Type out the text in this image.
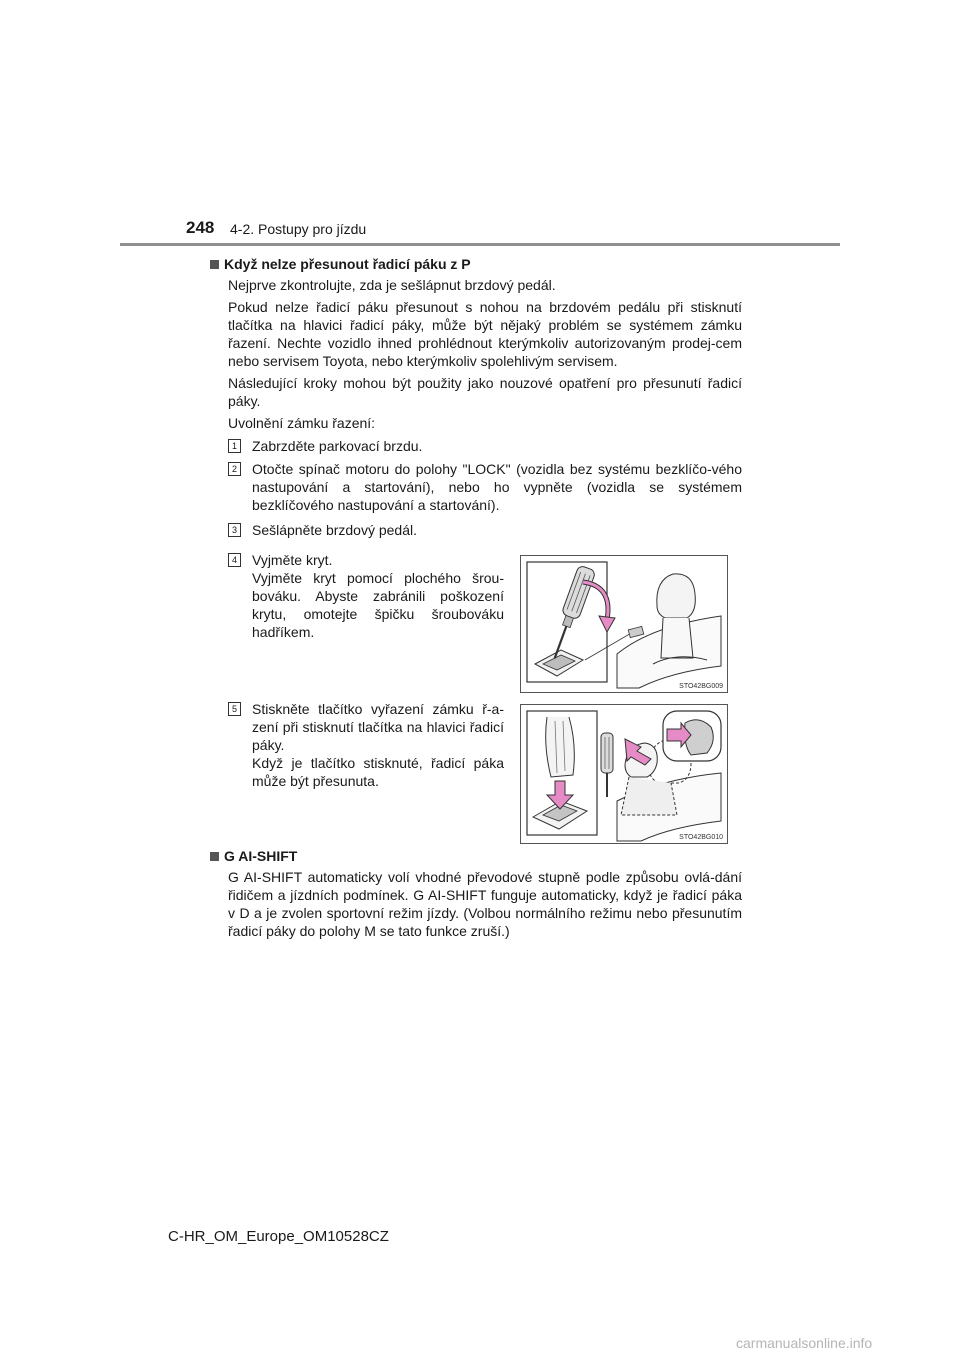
248 4-2. Postupy pro jízdu
Když nelze přesunout řadicí páku z P

Nejprve zkontrolujte, zda je sešlápnut brzdový pedál.

Pokud nelze řadicí páku přesunout s nohou na brzdovém pedálu při stisknutí tlačítka na hlavici řadicí páky, může být nějaký problém se systémem zámku řazení. Nechte vozidlo ihned prohlédnout kterýmkoliv autorizovaným prodej-cem nebo servisem Toyota, nebo kterýmkoliv spolehlivým servisem.

Následující kroky mohou být použity jako nouzové opatření pro přesunutí řadicí páky.

Uvolnění zámku řazení:

1 Zabrzděte parkovací brzdu.

2 Otočte spínač motoru do polohy "LOCK" (vozidla bez systému bezklíčo-vého nastupování a startování), nebo ho vypněte (vozidla se systémem bezklíčového nastupování a startování).

3 Sešlápněte brzdový pedál.

4 Vyjměte kryt.
Vyjměte kryt pomocí plochého šrou-bováku. Abyste zabránili poškození krytu, omotejte špičku šroubováku hadříkem.

5 Stiskněte tlačítko vyřazení zámku ř-a-zení při stisknutí tlačítka na hlavici řadicí páky.
Když je tlačítko stisknuté, řadicí páka může být přesunuta.

STO42BG009
STO42BG010
G AI-SHIFT

G AI-SHIFT automaticky volí vhodné převodové stupně podle způsobu ovlá-dání řidičem a jízdních podmínek. G AI-SHIFT funguje automaticky, když je řadicí páka v D a je zvolen sportovní režim jízdy. (Volbou normálního režimu nebo přesunutím řadicí páky do polohy M se tato funkce zruší.)

C-HR_OM_Europe_OM10528CZ
carmanualsonline.info
